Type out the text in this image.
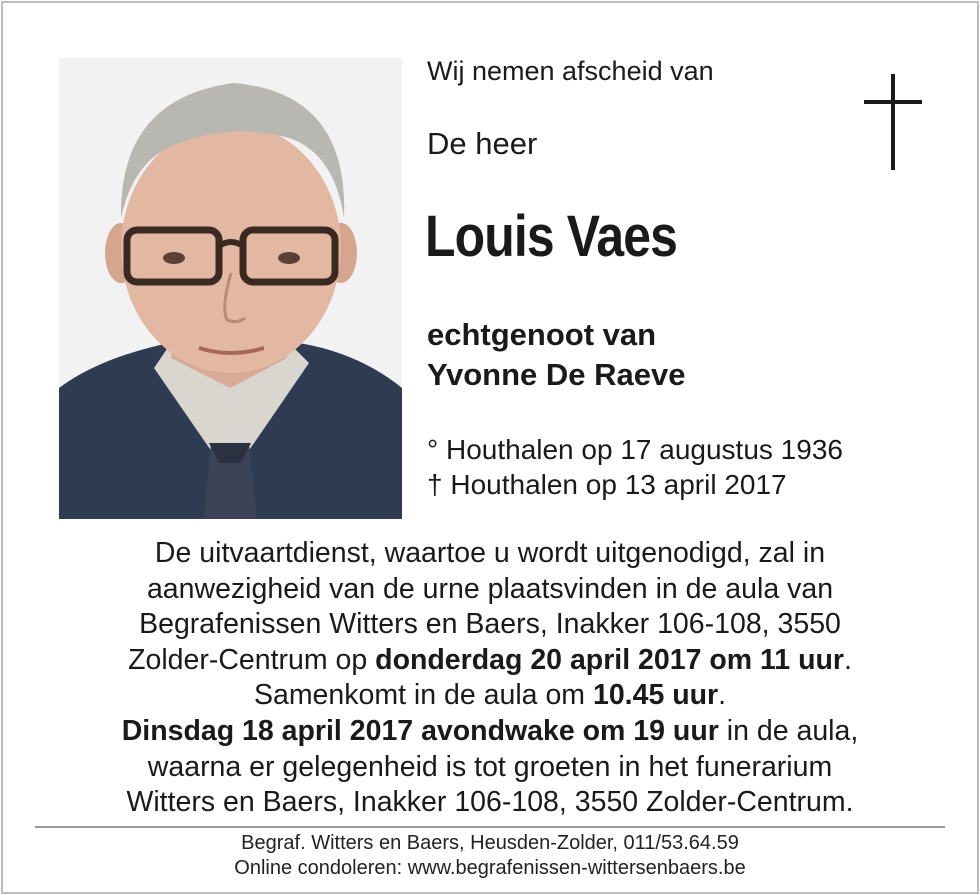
Wij nemen afscheid van
De heer
Louis Vaes
echtgenoot van
Yvonne De Raeve
° Houthalen op 17 augustus 1936
† Houthalen op 13 april 2017
De uitvaartdienst, waartoe u wordt uitgenodigd, zal in
aanwezigheid van de urne plaatsvinden in de aula van
Begrafenissen Witters en Baers, Inakker 106-108, 3550
Zolder-Centrum op donderdag 20 april 2017 om 11 uur.
Samenkomt in de aula om 10.45 uur.
Dinsdag 18 april 2017 avondwake om 19 uur in de aula,
waarna er gelegenheid is tot groeten in het funerarium
Witters en Baers, Inakker 106-108, 3550 Zolder-Centrum.
Begraf. Witters en Baers, Heusden-Zolder, 011/53.64.59
Online condoleren: www.begrafenissen-wittersenbaers.be
